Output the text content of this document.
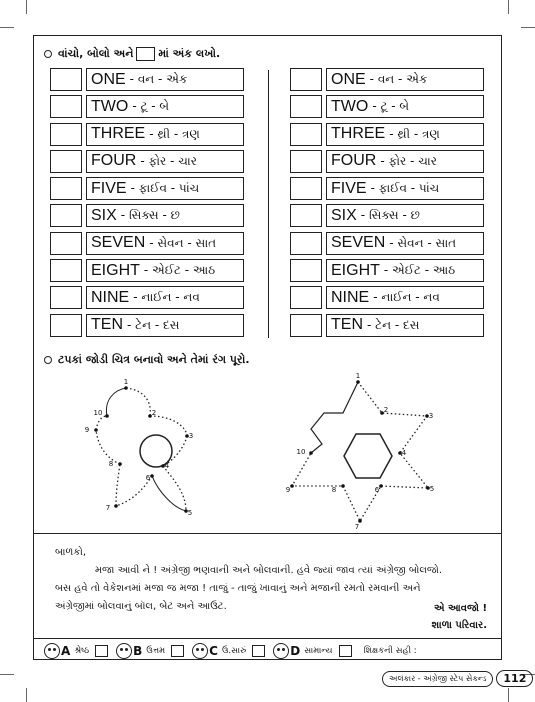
વાંચો, બોલો અને માં અંક લખો.
ONE - વન - એક
TWO - ટૂ - બે
THREE - થ્રી - ત્રણ
FOUR - ફોર - ચાર
FIVE - ફાઈવ - પાંચ
SIX - સિક્સ - છ
SEVEN - સેવન - સાત
EIGHT - એઈટ - આઠ
NINE - નાઈન - નવ
TEN - ટેન - દસ
ONE - વન - એક
TWO - ટૂ - બે
THREE - થ્રી - ત્રણ
FOUR - ફોર - ચાર
FIVE - ફાઈવ - પાંચ
SIX - સિક્સ - છ
SEVEN - સેવન - સાત
EIGHT - એઈટ - આઠ
NINE - નાઈન - નવ
TEN - ટેન - દસ
ટપકાં જોડી ચિત્ર બનાવો અને તેમાં રંગ પૂરો.
1
2
3
4
5
6
7
8
9
10
1
2
3
4
5
6
7
8
9
10
બાળકો,
મજા આવી ને ! અંગ્રેજી ભણવાની અને બોલવાની. હવે જ્યાં જાવ ત્યાં અંગ્રેજી બોલજો.
બસ હવે તો વેકેશનમાં મજા જ મજા ! તાજું - તાજું ખાવાનું અને મજાની રમતો રમવાની અને
અંગ્રેજીમાં બોલવાનું બૉલ, બેટ અને આઉટ.	એ આવજો !
શાળા પરિવાર.
A શ્રેષ્ઠ	B ઉત્તમ	C ઉ.સારું	D સામાન્ય	શિક્ષકની સહી :
અલંકાર - અંગ્રેજી સ્ટેપ સેકન્ડ	112
